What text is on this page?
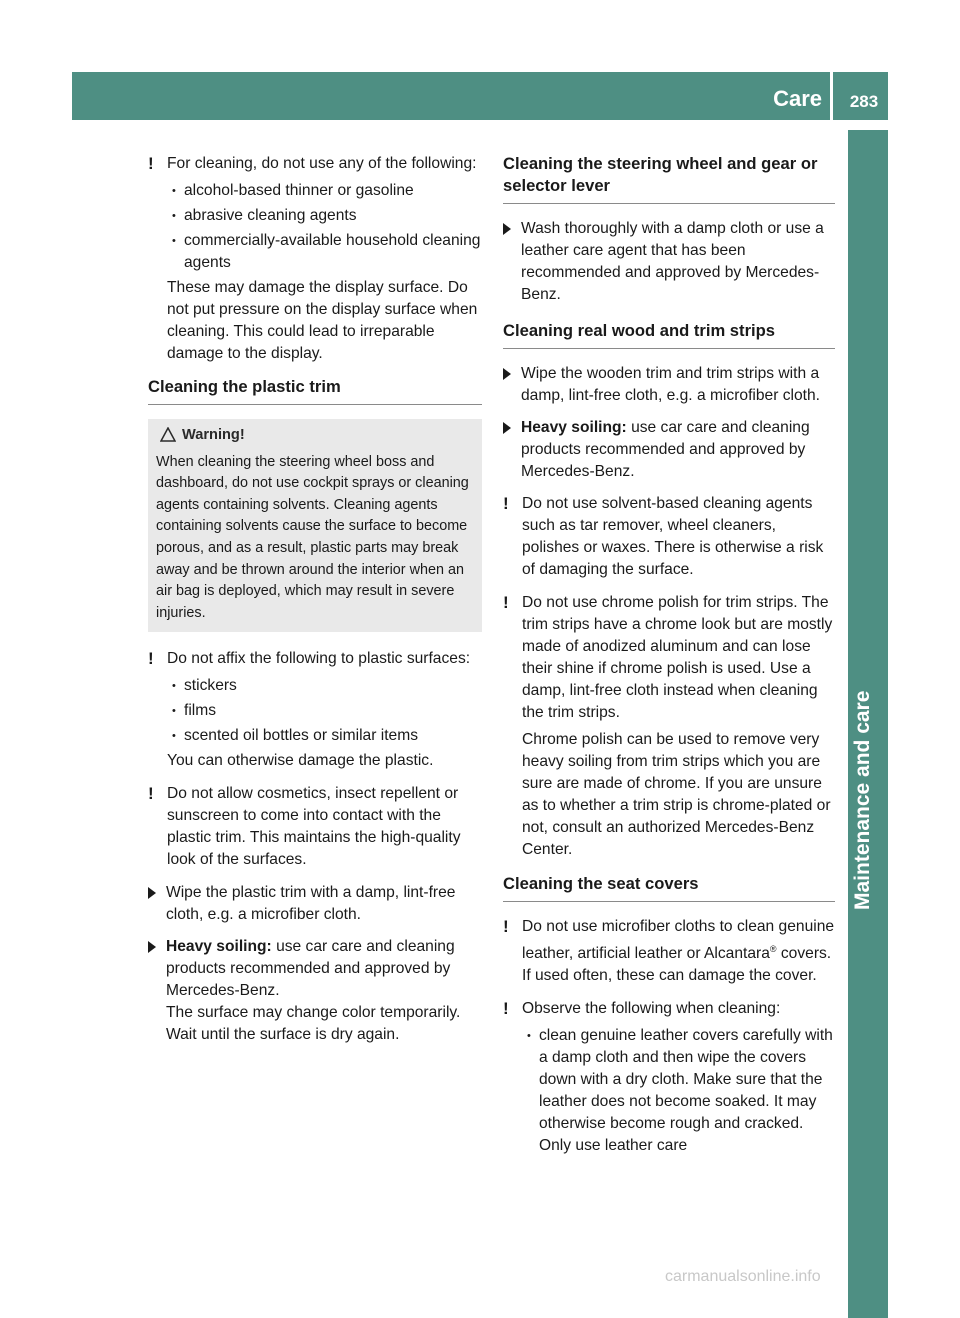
Care	283
Maintenance and care
! For cleaning, do not use any of the following:

• alcohol-based thinner or gasoline
• abrasive cleaning agents
• commercially-available household cleaning agents

These may damage the display surface. Do not put pressure on the display surface when cleaning. This could lead to irreparable damage to the display.

Cleaning the plastic trim
Warning!

When cleaning the steering wheel boss and dashboard, do not use cockpit sprays or cleaning agents containing solvents. Cleaning agents containing solvents cause the surface to become porous, and as a result, plastic parts may break away and be thrown around the interior when an air bag is deployed, which may result in severe injuries.

! Do not affix the following to plastic surfaces:

• stickers
• films
• scented oil bottles or similar items

You can otherwise damage the plastic.

! Do not allow cosmetics, insect repellent or sunscreen to come into contact with the plastic trim. This maintains the high-quality look of the surfaces.

Wipe the plastic trim with a damp, lint-free cloth, e.g. a microfiber cloth.

Heavy soiling: use car care and cleaning products recommended and approved by Mercedes-Benz.

The surface may change color temporarily. Wait until the surface is dry again.

Cleaning the steering wheel and gear or selector lever

Wash thoroughly with a damp cloth or use a leather care agent that has been recommended and approved by Mercedes-Benz.

Cleaning real wood and trim strips

Wipe the wooden trim and trim strips with a damp, lint-free cloth, e.g. a microfiber cloth.

Heavy soiling: use car care and cleaning products recommended and approved by Mercedes-Benz.

! Do not use solvent-based cleaning agents such as tar remover, wheel cleaners, polishes or waxes. There is otherwise a risk of damaging the surface.

! Do not use chrome polish for trim strips. The trim strips have a chrome look but are mostly made of anodized aluminum and can lose their shine if chrome polish is used. Use a damp, lint-free cloth instead when cleaning the trim strips.

Chrome polish can be used to remove very heavy soiling from trim strips which you are sure are made of chrome. If you are unsure as to whether a trim strip is chrome-plated or not, consult an authorized Mercedes-Benz Center.

Cleaning the seat covers
! Do not use microfiber cloths to clean genuine leather, artificial leather or Alcantara® covers. If used often, these can damage the cover.

! Observe the following when cleaning:

• clean genuine leather covers carefully with a damp cloth and then wipe the covers down with a dry cloth. Make sure that the leather does not become soaked. It may otherwise become rough and cracked. Only use leather care
carmanualsonline.info
